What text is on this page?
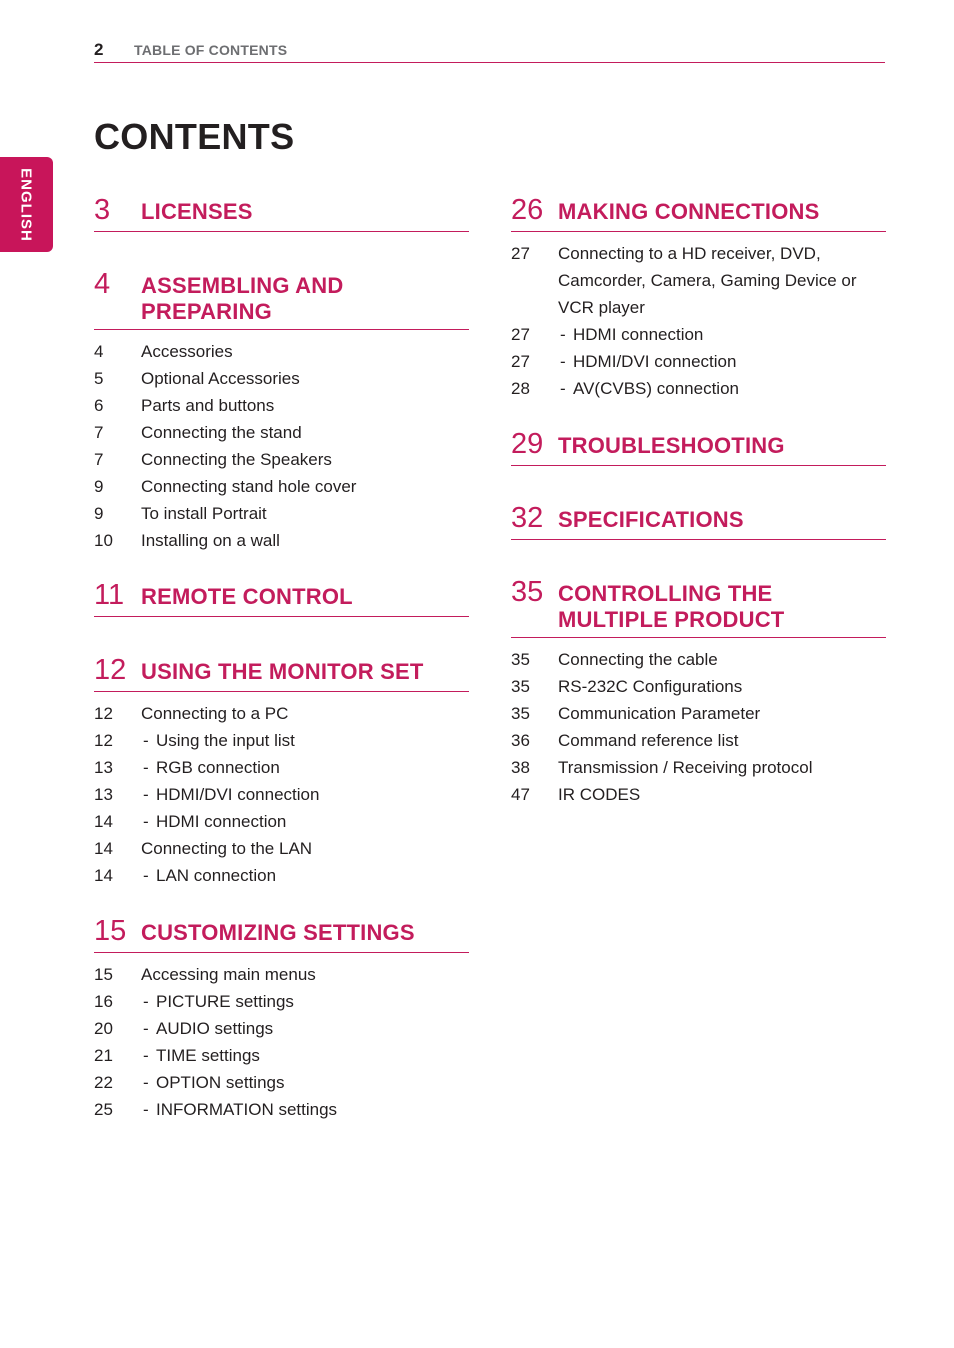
2 TABLE OF CONTENTS
ENGLISH
CONTENTS
3	LICENSES
4	ASSEMBLING AND PREPARING
4	Accessories
5	Optional Accessories
6	Parts and buttons
7	Connecting the stand
7	Connecting the Speakers
9	Connecting stand hole cover
9	To install Portrait
10	Installing on a wall
11 REMOTE CONTROL
12 USING THE MONITOR SET
12	Connecting to a PC
12	- Using the input list
13	- RGB connection
13	- HDMI/DVI connection
14	- HDMI connection
14	Connecting to the LAN
14	- LAN connection
15 CUSTOMIZING SETTINGS
15	Accessing main menus
16	- PICTURE settings
20	- AUDIO settings
21	- TIME settings
22	- OPTION settings
25	- INFORMATION settings
26 MAKING CONNECTIONS
27	Connecting to a HD receiver, DVD, Camcorder, Camera, Gaming Device or VCR player
27	- HDMI connection
27	- HDMI/DVI connection
28	- AV(CVBS) connection
29 TROUBLESHOOTING
32 SPECIFICATIONS
35 CONTROLLING THE MULTIPLE PRODUCT
35	Connecting the cable
35	RS-232C Configurations
35	Communication Parameter
36	Command reference list
38	Transmission / Receiving protocol
47	IR CODES
